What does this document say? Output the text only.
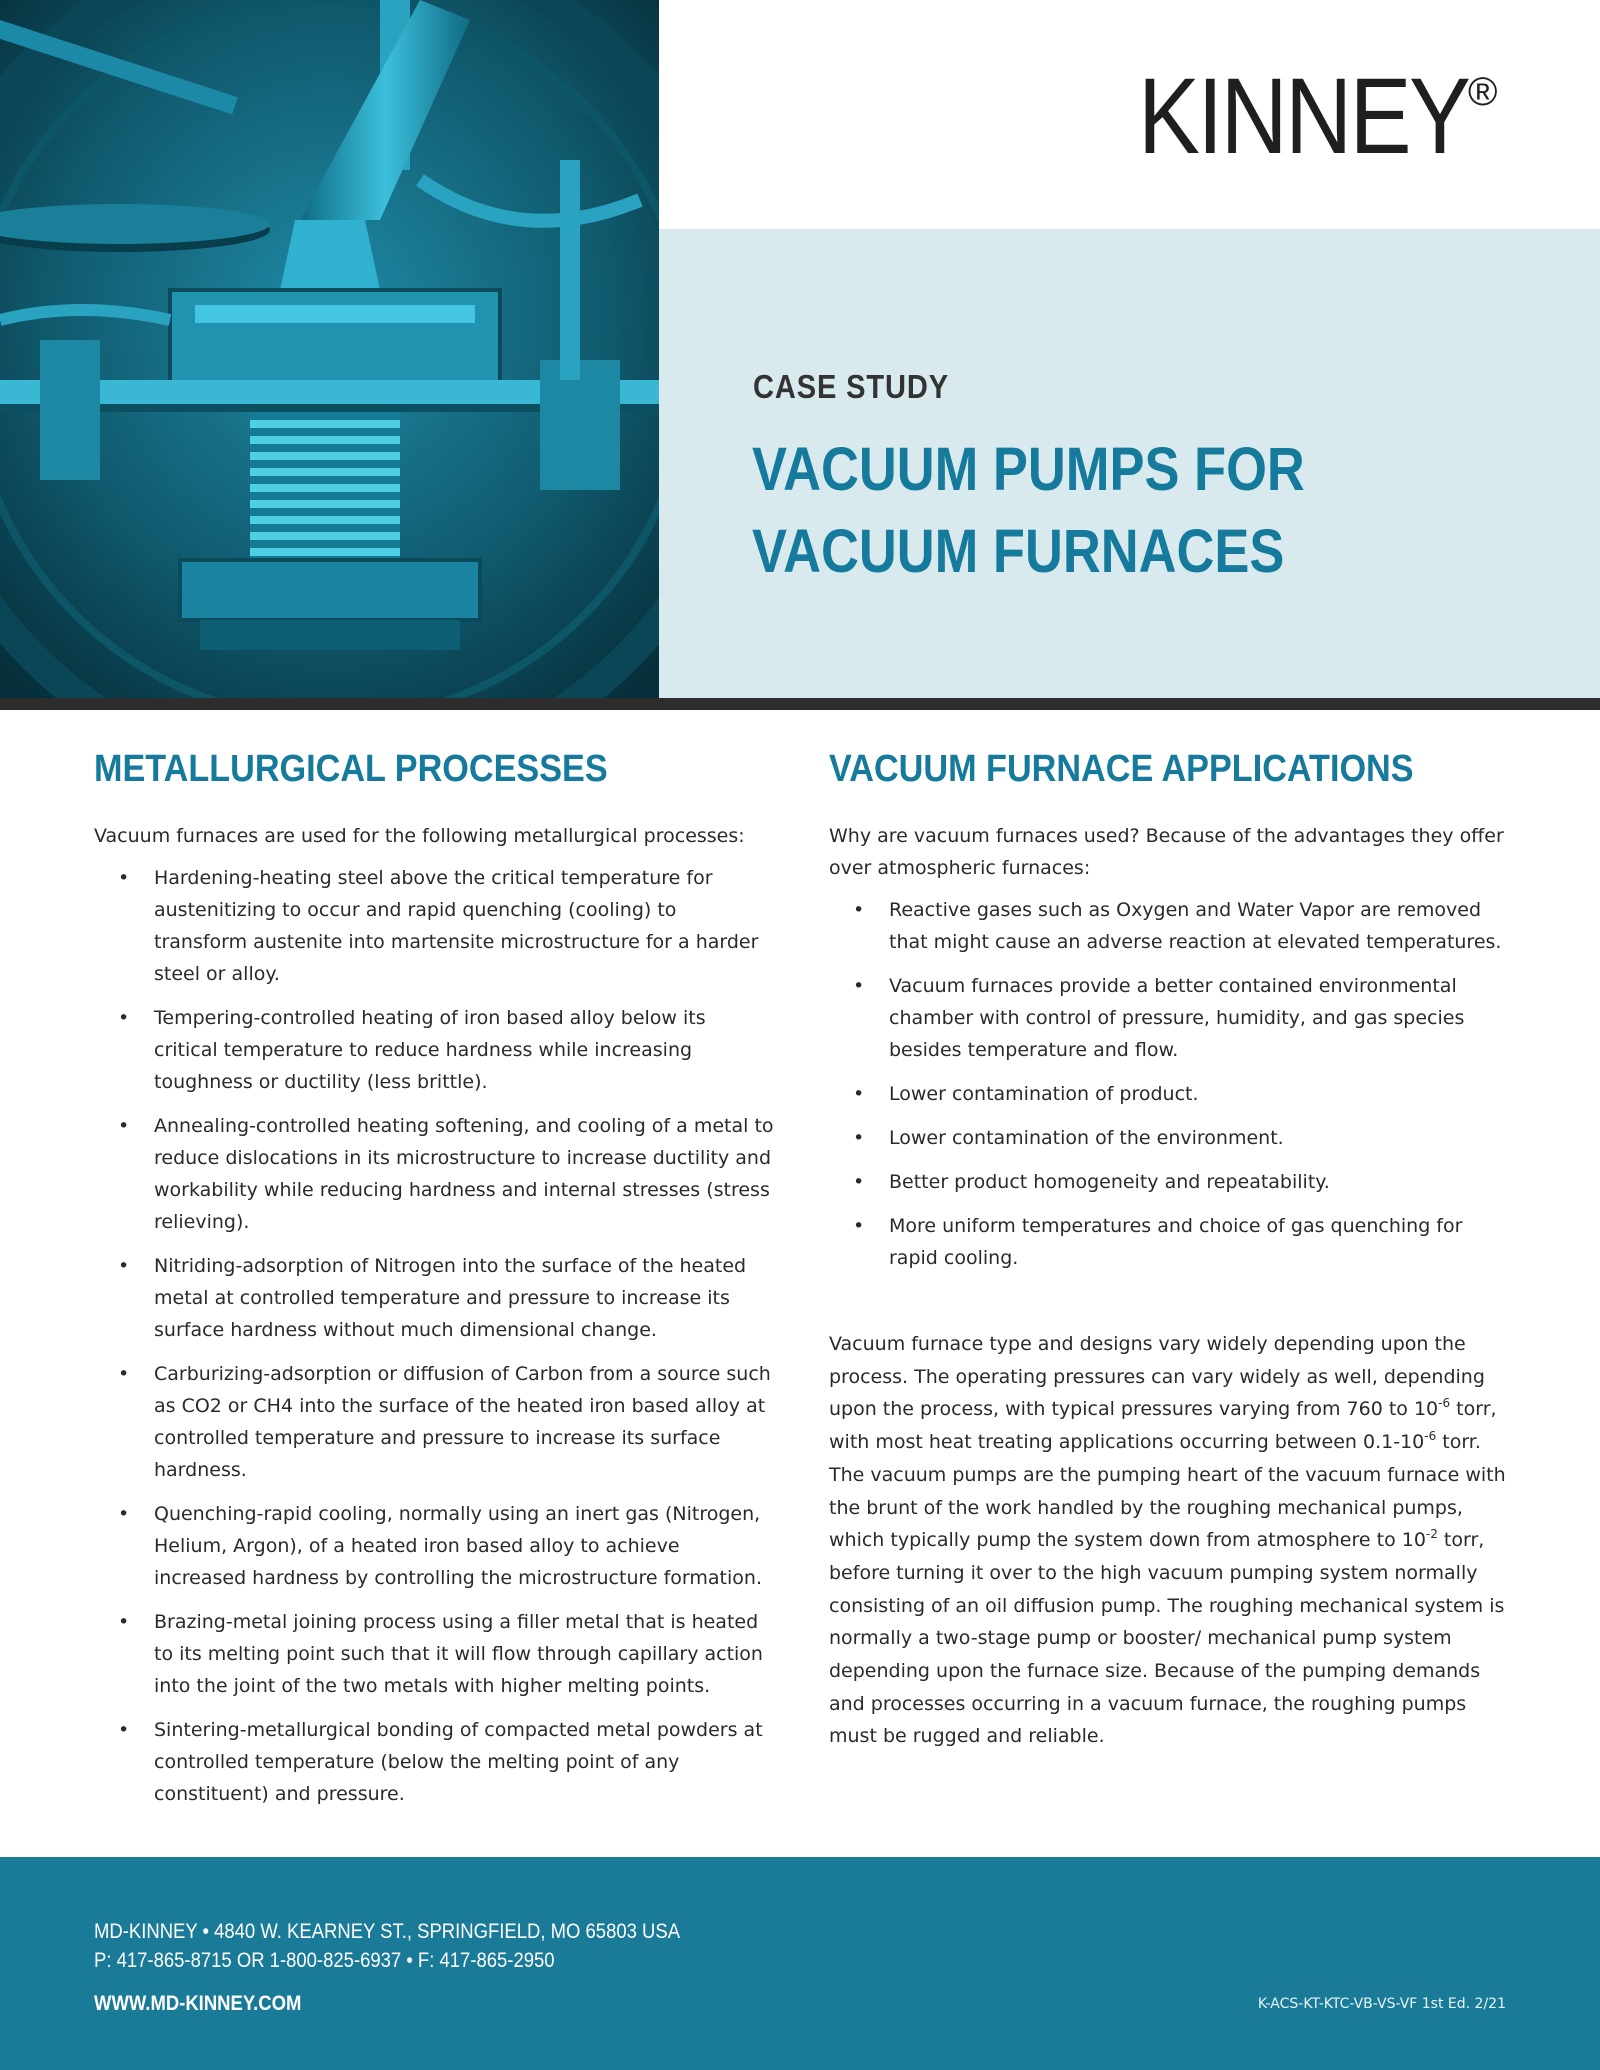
KINNEY ®
CASE STUDY
VACUUM PUMPS FOR
VACUUM FURNACES
METALLURGICAL PROCESSES

Vacuum furnaces are used for the following metallurgical processes:

• Hardening-heating steel above the critical temperature for austenitizing to occur and rapid quenching (cooling) to transform austenite into martensite microstructure for a harder steel or alloy.
• Tempering-controlled heating of iron based alloy below its critical temperature to reduce hardness while increasing toughness or ductility (less brittle).
• Annealing-controlled heating softening, and cooling of a metal to reduce dislocations in its microstructure to increase ductility and workability while reducing hardness and internal stresses (stress relieving).
• Nitriding-adsorption of Nitrogen into the surface of the heated metal at controlled temperature and pressure to increase its surface hardness without much dimensional change.
• Carburizing-adsorption or diffusion of Carbon from a source such as CO2 or CH4 into the surface of the heated iron based alloy at controlled temperature and pressure to increase its surface hardness.
• Quenching-rapid cooling, normally using an inert gas (Nitrogen, Helium, Argon), of a heated iron based alloy to achieve increased hardness by controlling the microstructure formation.
• Brazing-metal joining process using a filler metal that is heated to its melting point such that it will flow through capillary action into the joint of the two metals with higher melting points.
• Sintering-metallurgical bonding of compacted metal powders at controlled temperature (below the melting point of any constituent) and pressure.
VACUUM FURNACE APPLICATIONS

Why are vacuum furnaces used? Because of the advantages they offer over atmospheric furnaces:

• Reactive gases such as Oxygen and Water Vapor are removed that might cause an adverse reaction at elevated temperatures.
• Vacuum furnaces provide a better contained environmental chamber with control of pressure, humidity, and gas species besides temperature and flow.
• Lower contamination of product.
• Lower contamination of the environment.
• Better product homogeneity and repeatability.
• More uniform temperatures and choice of gas quenching for rapid cooling.

Vacuum furnace type and designs vary widely depending upon the process. The operating pressures can vary widely as well, depending upon the process, with typical pressures varying from 760 to $10^{-6}$ torr, with most heat treating applications occurring between $0.1-10^{-6}$ torr. The vacuum pumps are the pumping heart of the vacuum furnace with the brunt of the work handled by the roughing mechanical pumps, which typically pump the system down from atmosphere to $10^{-2}$ torr, before turning it over to the high vacuum pumping system normally consisting of an oil diffusion pump. The roughing mechanical system is normally a two-stage pump or booster/ mechanical pump system depending upon the furnace size. Because of the pumping demands and processes occurring in a vacuum furnace, the roughing pumps must be rugged and reliable.

MD-KINNEY • 4840 W. KEARNEY ST., SPRINGFIELD, MO 65803 USA
P: 417-865-8715 OR 1-800-825-6937 • F: 417-865-2950
WWW.MD-KINNEY.COM	K-ACS-KT-KTC-VB-VS-VF 1st Ed. 2/21
